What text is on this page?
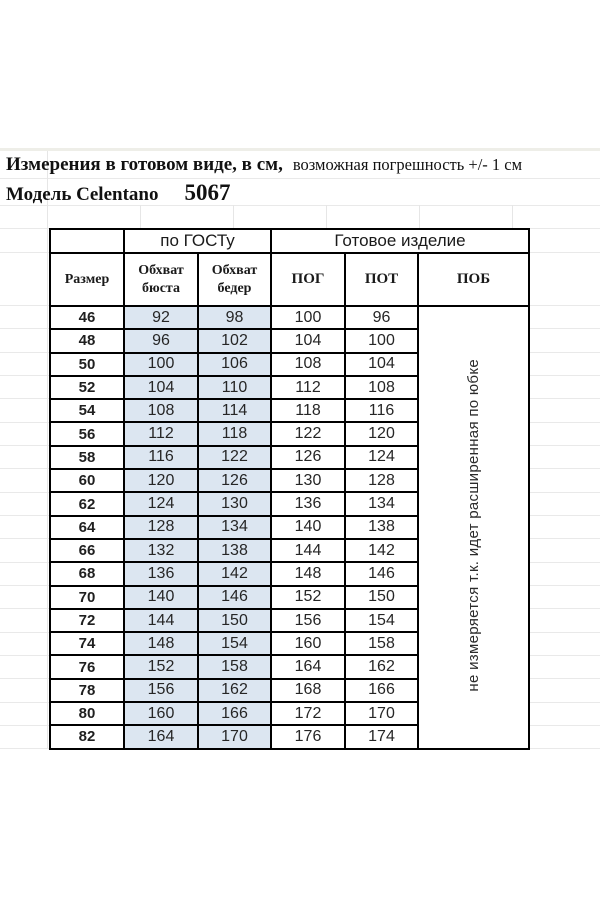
Измерения в готовом виде, в см, возможная погрешность +/- 1 см
Модель Celentano 5067
	по ГОСТу		Готовое изделие		
Размер	Обхват бюста	Обхват бедер	ПОГ	ПОТ	ПОБ
46	92	98	100	96	не измеряется т.к. идет расширенная по юбке
48	96	102	104	100	
50	100	106	108	104	
52	104	110	112	108	
54	108	114	118	116	
56	112	118	122	120	
58	116	122	126	124	
60	120	126	130	128	
62	124	130	136	134	
64	128	134	140	138	
66	132	138	144	142	
68	136	142	148	146	
70	140	146	152	150	
72	144	150	156	154	
74	148	154	160	158	
76	152	158	164	162	
78	156	162	168	166	
80	160	166	172	170	
82	164	170	176	174	
